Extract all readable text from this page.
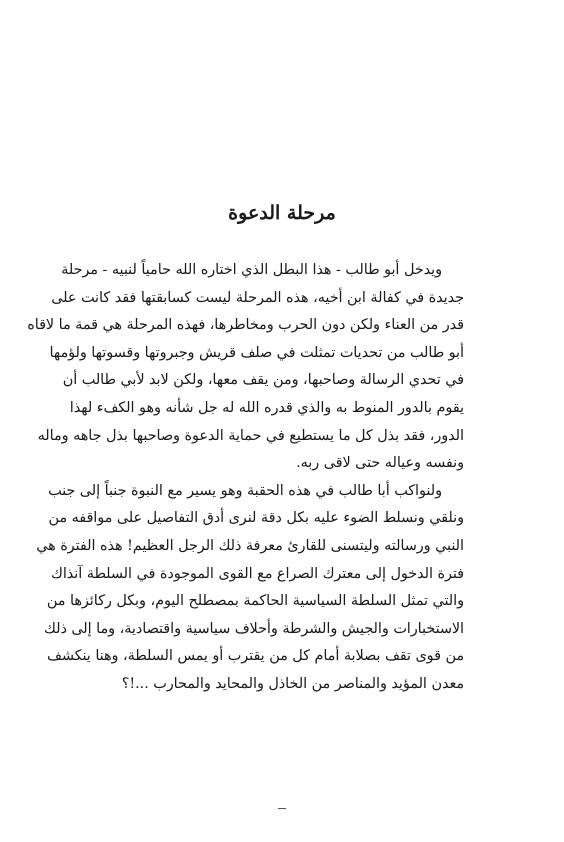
مرحلة الدعوة
ويدخل أبو طالب - هذا البطل الذي اختاره الله حامياً لنبيه - مرحلة
جديدة في كفالة ابن أخيه، هذه المرحلة ليست كسابقتها فقد كانت على
قدر من العناء ولكن دون الحرب ومخاطرها، فهذه المرحلة هي قمة ما لاقاه
أبو طالب من تحديات تمثلت في صلف قريش وجبروتها وقسوتها ولؤمها
في تحدي الرسالة وصاحبها، ومن يقف معها، ولكن لابد لأبي طالب أن
يقوم بالدور المنوط به والذي قدره الله له جل شأنه وهو الكفء لهذا
الدور، فقد بذل كل ما يستطيع في حماية الدعوة وصاحبها بذل جاهه وماله
ونفسه وعياله حتى لاقى ربه.
ولنواكب أبا طالب في هذه الحقبة وهو يسير مع النبوة جنباً إلى جنب
ونلقي ونسلط الضوء عليه بكل دقة لنرى أدق التفاصيل على مواقفه من
النبي ورسالته وليتسنى للقارئ معرفة ذلك الرجل العظيم! هذه الفترة هي
فترة الدخول إلى معترك الصراع مع القوى الموجودة في السلطة آنذاك
والتي تمثل السلطة السياسية الحاكمة بمصطلح اليوم، وبكل ركائزها من
الاستخبارات والجيش والشرطة وأحلاف سياسية واقتصادية، وما إلى ذلك
من قوى تقف بصلابة أمام كل من يقترب أو يمس السلطة، وهنا ينكشف
معدن المؤيد والمناصر من الخاذل والمحايد والمحارب ...!؟
